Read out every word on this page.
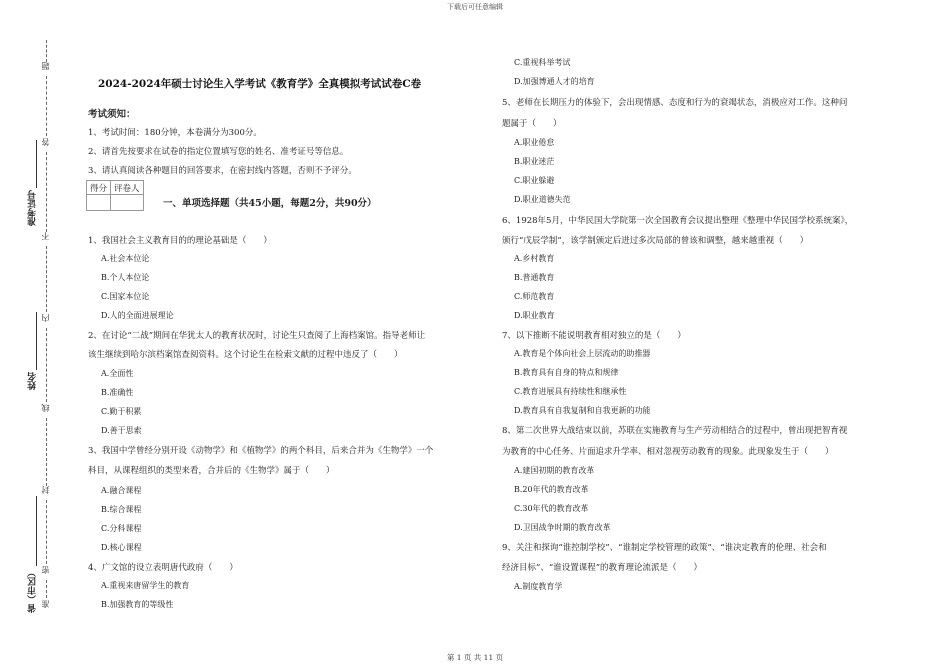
下载后可任意编辑
第 1 页 共 11 页
题
答
不
内
线
封
密
准
准考证号
姓名
省（市区）
2024-2024年硕士讨论生入学考试《教育学》全真模拟考试试卷C卷
考试须知：
1、考试时间：180分钟，本卷满分为300分。
2、请首先按要求在试卷的指定位置填写您的姓名、准考证号等信息。
3、请认真阅读各种题目的回答要求，在密封线内答题，否则不予评分。
得分	评卷人

一、单项选择题（共45小题，每题2分，共90分）
1、我国社会主义教育目的的理论基础是（　　）
A.社会本位论
B.个人本位论
C.国家本位论
D.人的全面进展理论
2、在讨论“二战”期间在华犹太人的教育状况时，讨论生只查阅了上海档案馆。指导老师让
该生继续到哈尔滨档案馆查阅资料。这个讨论生在检索文献的过程中违反了（　　）
A.全面性
B.准确性
C.勤于积累
D.善于思索
3、我国中学曾经分别开设《动物学》和《植物学》的两个科目，后来合并为《生物学》一个
科目，从课程组织的类型来看，合并后的《生物学》属于（　　）
A.融合课程
B.综合课程
C.分科课程
D.核心课程
4、广文馆的设立表明唐代政府（　　）
A.重视来唐留学生的教育
B.加强教育的等级性
C.重视科举考试
D.加强博通人才的培育
5、老师在长期压力的体验下，会出现情感、态度和行为的衰竭状态，消极应对工作。这种问
题属于（　　）
A.职业倦怠
B.职业迷茫
C.职业躲避
D.职业道德失范
6、1928年5月，中华民国大学院第一次全国教育会议提出整理《整理中华民国学校系统案》，
颁行“戊辰学制”，该学制颁定后进过多次局部的曾该和调整，越来越重视（　　）
A.乡村教育
B.普通教育
C.师范教育
D.职业教育
7、以下推断不能说明教育相对独立的是（　　）
A.教育是个体向社会上层流动的助推器
B.教育具有自身的特点和规律
C.教育进展具有持续性和继承性
D.教育具有自我复制和自我更新的功能
8、第二次世界大战结束以前，苏联在实施教育与生产劳动相结合的过程中，曾出现把智育视
为教育的中心任务、片面追求升学率、相对忽视劳动教育的现象。此现象发生于（　　）
A.建国初期的教育改革
B.20年代的教育改革
C.30年代的教育改革
D.卫国战争时期的教育改革
9、关注和探询“谁控制学校”、“谁制定学校管理的政策”、“谁决定教育的伦理、社会和
经济目标”、“谁设置课程”的教育理论流派是（　　）
A.制度教育学
